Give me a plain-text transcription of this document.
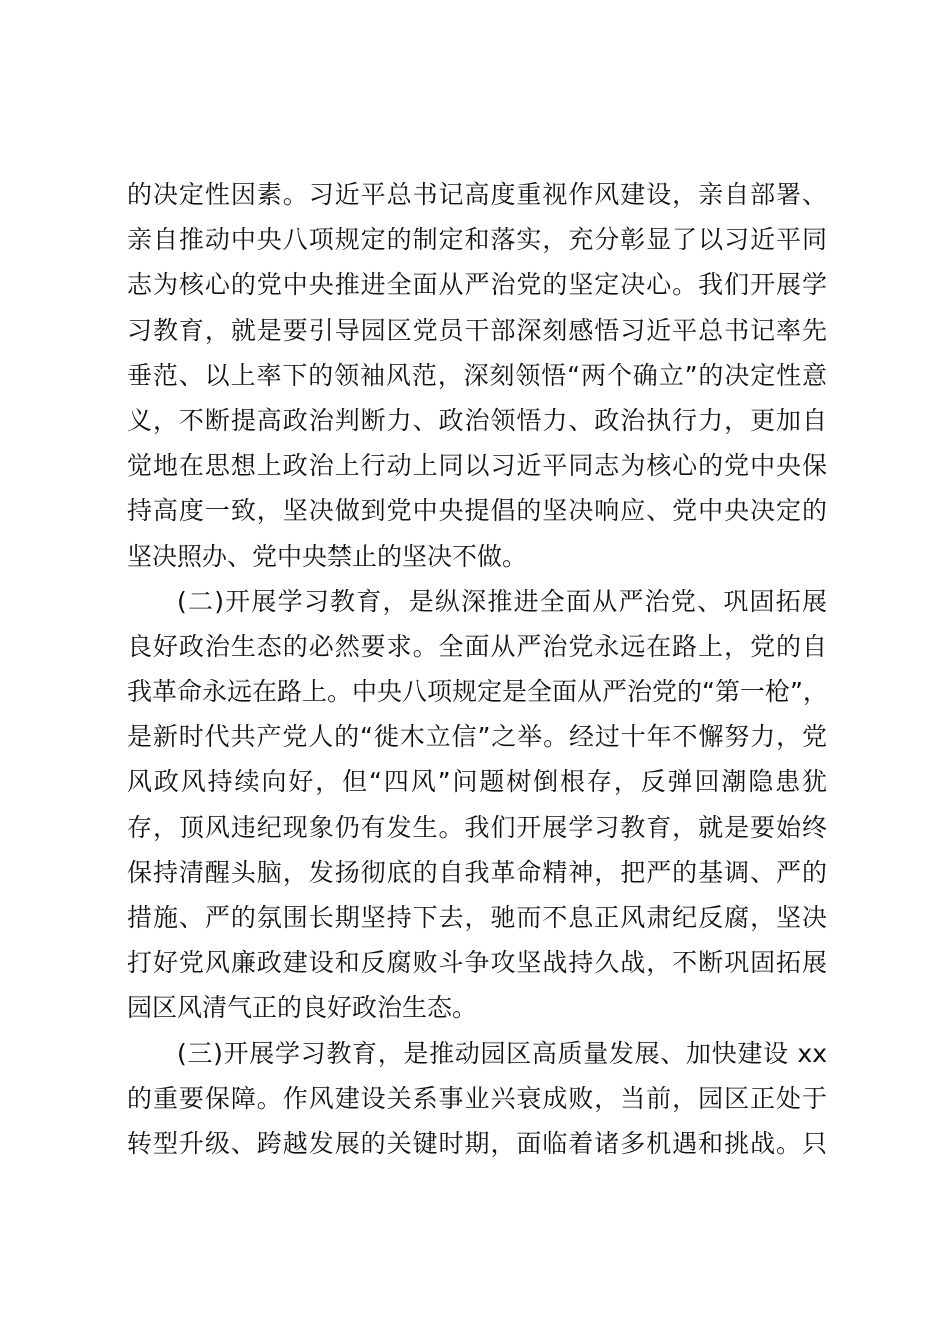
的决定性因素。习近平总书记高度重视作风建设，亲自部署、
亲自推动中央八项规定的制定和落实，充分彰显了以习近平同
志为核心的党中央推进全面从严治党的坚定决心。我们开展学
习教育，就是要引导园区党员干部深刻感悟习近平总书记率先
垂范、以上率下的领袖风范，深刻领悟“两个确立”的决定性意
义，不断提高政治判断力、政治领悟力、政治执行力，更加自
觉地在思想上政治上行动上同以习近平同志为核心的党中央保
持高度一致，坚决做到党中央提倡的坚决响应、党中央决定的
坚决照办、党中央禁止的坚决不做。
(二)开展学习教育，是纵深推进全面从严治党、巩固拓展
良好政治生态的必然要求。全面从严治党永远在路上，党的自
我革命永远在路上。中央八项规定是全面从严治党的“第一枪”，
是新时代共产党人的“徙木立信”之举。经过十年不懈努力，党
风政风持续向好，但“四风”问题树倒根存，反弹回潮隐患犹
存，顶风违纪现象仍有发生。我们开展学习教育，就是要始终
保持清醒头脑，发扬彻底的自我革命精神，把严的基调、严的
措施、严的氛围长期坚持下去，驰而不息正风肃纪反腐，坚决
打好党风廉政建设和反腐败斗争攻坚战持久战，不断巩固拓展
园区风清气正的良好政治生态。
(三)开展学习教育，是推动园区高质量发展、加快建设 xx
的重要保障。作风建设关系事业兴衰成败，当前，园区正处于
转型升级、跨越发展的关键时期，面临着诸多机遇和挑战。只
